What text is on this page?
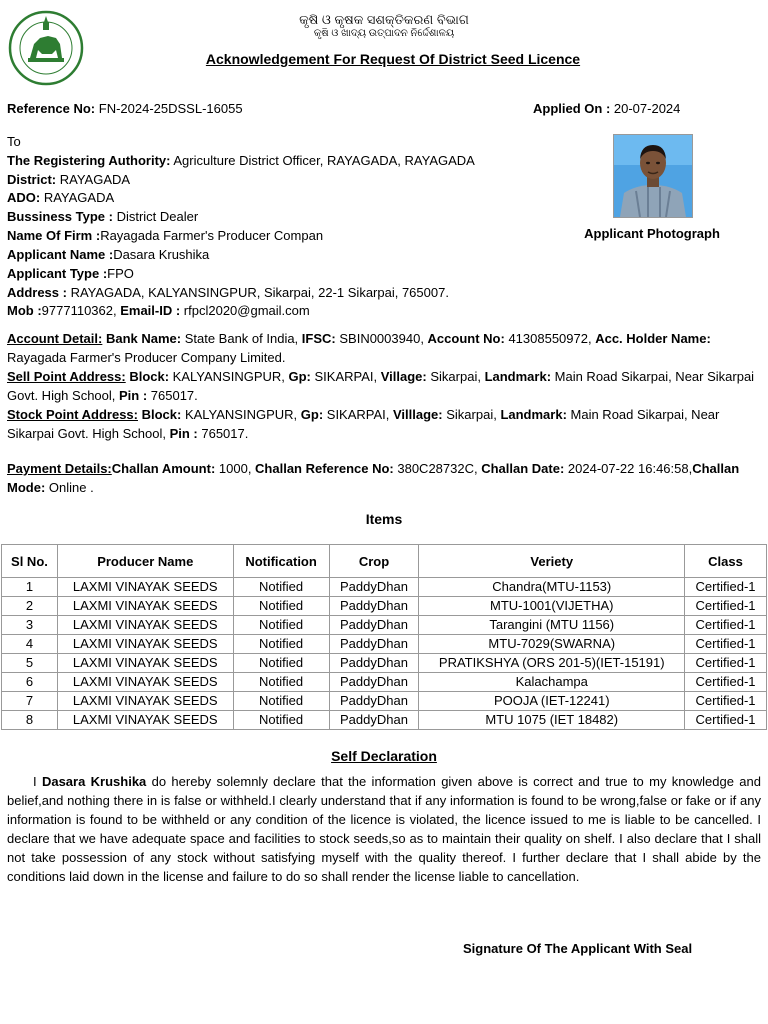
କୃଷି ଓ କୃଷକ ସଶକ୍ତିକରଣ ବିଭାଗ
କୃଷି ଓ ଖାଦ୍ୟ ଉତ୍ପାଦନ ନିର୍ଦ୍ଦେଶାଳୟ
Acknowledgement For Request Of District Seed Licence
Reference No: FN-2024-25DSSL-16055	Applied On : 20-07-2024
To
The Registering Authority: Agriculture District Officer, RAYAGADA, RAYAGADA
District: RAYAGADA
ADO: RAYAGADA
Bussiness Type : District Dealer
Name Of Firm :Rayagada Farmer's Producer Compan
Applicant Name :Dasara Krushika
Applicant Type :FPO
Address : RAYAGADA, KALYANSINGPUR, Sikarpai, 22-1 Sikarpai, 765007.
Mob :9777110362, Email-ID : rfpcl2020@gmail.com
Applicant Photograph
Account Detail: Bank Name: State Bank of India, IFSC: SBIN0003940, Account No: 41308550972, Acc. Holder Name: Rayagada Farmer's Producer Company Limited.
Sell Point Address: Block: KALYANSINGPUR, Gp: SIKARPAI, Village: Sikarpai, Landmark: Main Road Sikarpai, Near Sikarpai Govt. High School, Pin : 765017.
Stock Point Address: Block: KALYANSINGPUR, Gp: SIKARPAI, Villlage: Sikarpai, Landmark: Main Road Sikarpai, Near Sikarpai Govt. High School, Pin : 765017.
Payment Details:Challan Amount: 1000, Challan Reference No: 380C28732C, Challan Date: 2024-07-22 16:46:58,Challan Mode: Online .
Items
Sl No.	Producer Name	Notification	Crop	Veriety	Class
1	LAXMI VINAYAK SEEDS	Notified	PaddyDhan	Chandra(MTU-1153)	Certified-1
2	LAXMI VINAYAK SEEDS	Notified	PaddyDhan	MTU-1001(VIJETHA)	Certified-1
3	LAXMI VINAYAK SEEDS	Notified	PaddyDhan	Tarangini (MTU 1156)	Certified-1
4	LAXMI VINAYAK SEEDS	Notified	PaddyDhan	MTU-7029(SWARNA)	Certified-1
5	LAXMI VINAYAK SEEDS	Notified	PaddyDhan	PRATIKSHYA (ORS 201-5)(IET-15191)	Certified-1
6	LAXMI VINAYAK SEEDS	Notified	PaddyDhan	Kalachampa	Certified-1
7	LAXMI VINAYAK SEEDS	Notified	PaddyDhan	POOJA (IET-12241)	Certified-1
8	LAXMI VINAYAK SEEDS	Notified	PaddyDhan	MTU 1075 (IET 18482)	Certified-1
Self Declaration
I Dasara Krushika do hereby solemnly declare that the information given above is correct and true to my knowledge and belief,and nothing there in is false or withheld.I clearly understand that if any information is found to be wrong,false or fake or if any information is found to be withheld or any condition of the licence is violated, the licence issued to me is liable to be cancelled. I declare that we have adequate space and facilities to stock seeds,so as to maintain their quality on shelf. I also declare that I shall not take possession of any stock without satisfying myself with the quality thereof. I further declare that I shall abide by the conditions laid down in the license and failure to do so shall render the license liable to cancellation.
Signature Of The Applicant With Seal
